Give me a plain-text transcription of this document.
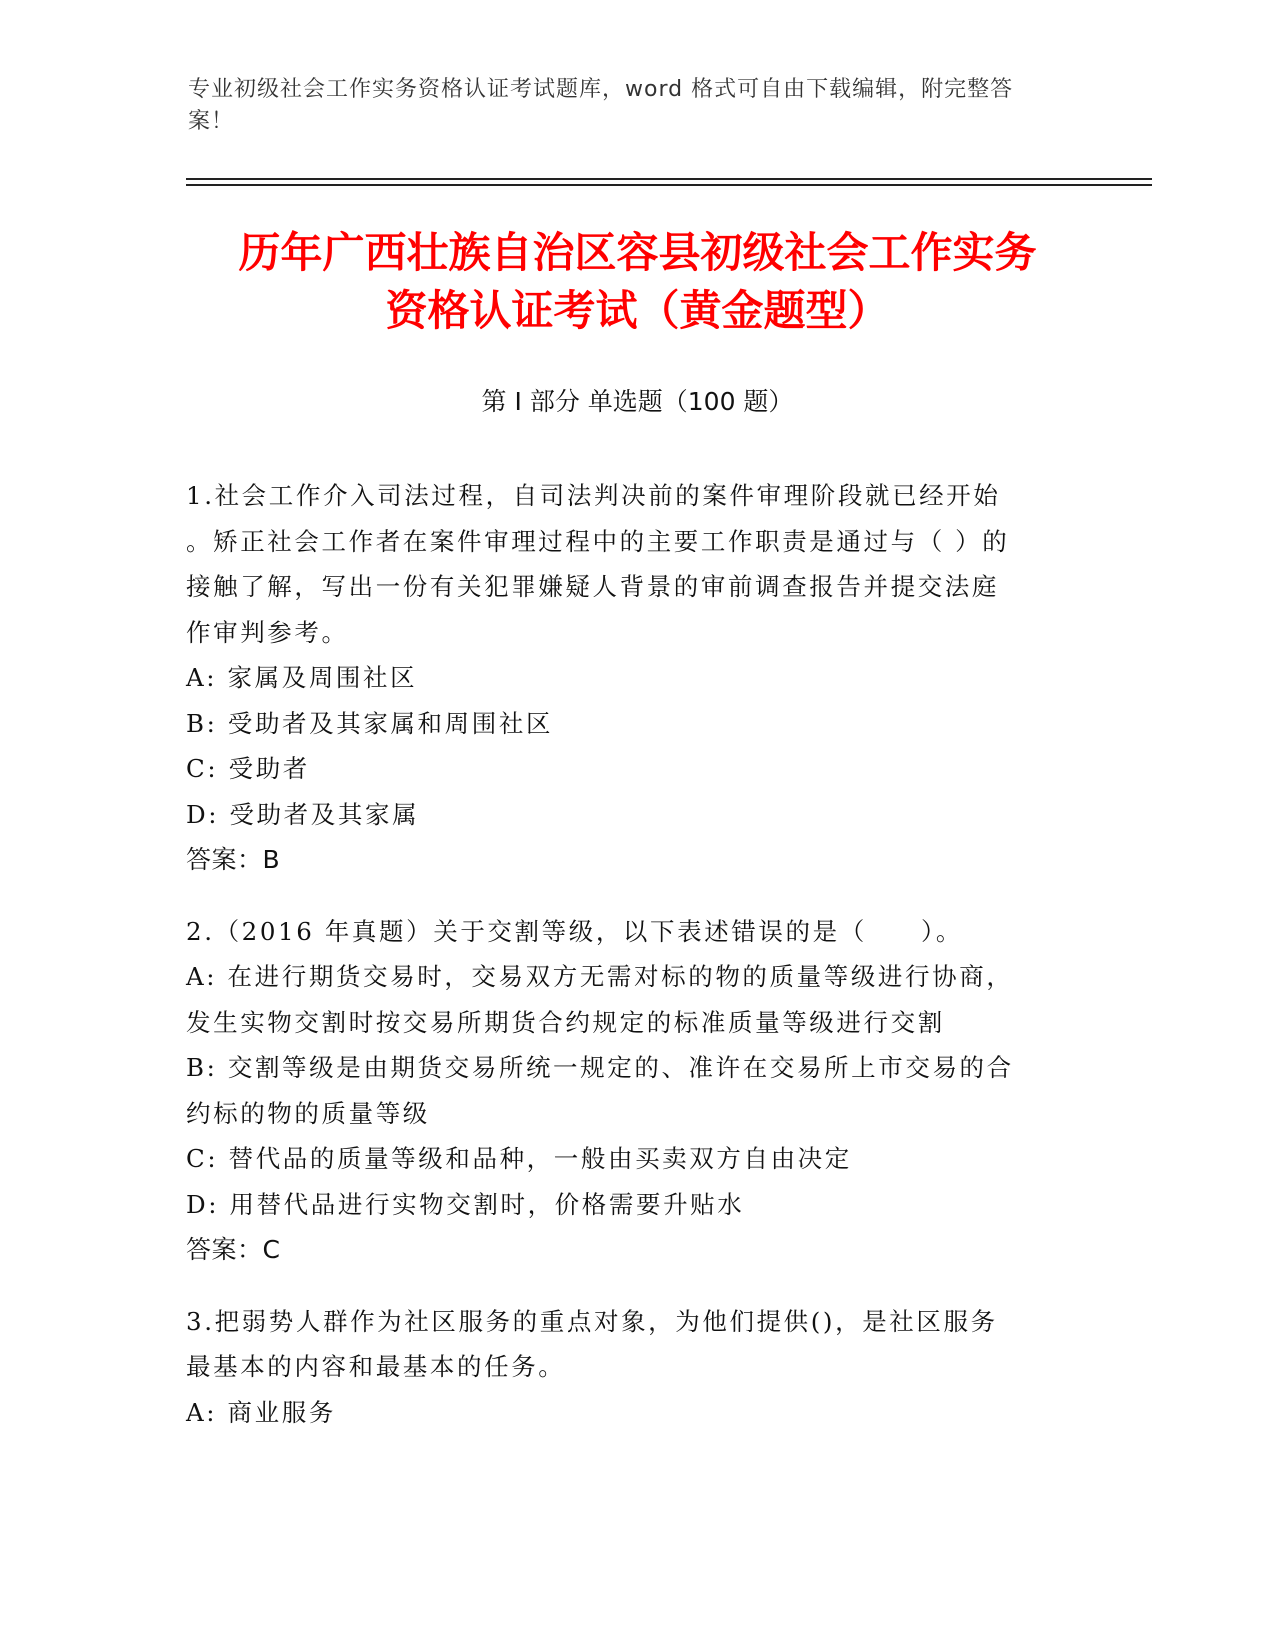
专业初级社会工作实务资格认证考试题库，word 格式可自由下载编辑，附完整答
案！
历年广西壮族自治区容县初级社会工作实务
资格认证考试（黄金题型）
第 I 部分 单选题（100 题）
1.社会工作介入司法过程，自司法判决前的案件审理阶段就已经开始
。矫正社会工作者在案件审理过程中的主要工作职责是通过与（ ）的
接触了解，写出一份有关犯罪嫌疑人背景的审前调查报告并提交法庭
作审判参考。
A: 家属及周围社区
B: 受助者及其家属和周围社区
C: 受助者
D: 受助者及其家属
答案：B
2.（2016 年真题）关于交割等级，以下表述错误的是（　　）。
A: 在进行期货交易时，交易双方无需对标的物的质量等级进行协商，
发生实物交割时按交易所期货合约规定的标准质量等级进行交割
B: 交割等级是由期货交易所统一规定的、准许在交易所上市交易的合
约标的物的质量等级
C: 替代品的质量等级和品种，一般由买卖双方自由决定
D: 用替代品进行实物交割时，价格需要升贴水
答案：C
3.把弱势人群作为社区服务的重点对象，为他们提供()，是社区服务
最基本的内容和最基本的任务。
A: 商业服务
